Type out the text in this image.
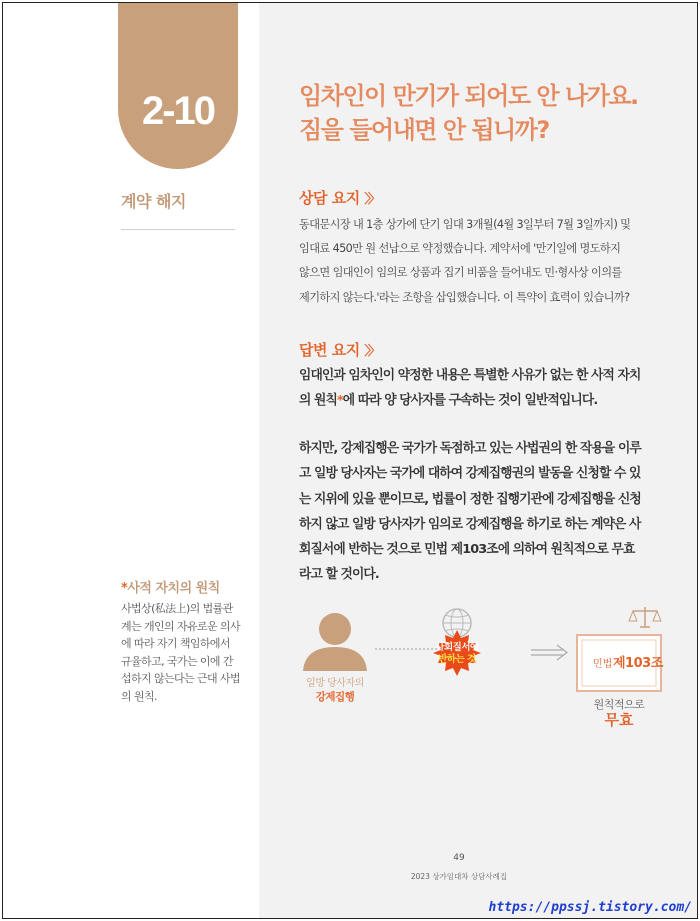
2-10
계약 해지
*사적 자치의 원칙
사법상(私法上)의 법률관
계는 개인의 자유로운 의사
에 따라 자기 책임하에서
규율하고, 국가는 이에 간
섭하지 않는다는 근대 사법
의 원칙.
임차인이 만기가 되어도 안 나가요.
짐을 들어내면 안 됩니까?
상담 요지 〉〉
동대문시장 내 1층 상가에 단기 임대 3개월(4월 3일부터 7월 3일까지) 및
임대료 450만 원 선납으로 약정했습니다. 계약서에 '만기일에 명도하지
않으면 임대인이 임의로 상품과 집기 비품을 들어내도 민·형사상 이의를
제기하지 않는다.'라는 조항을 삽입했습니다. 이 특약이 효력이 있습니까?
답변 요지 〉〉
임대인과 임차인이 약정한 내용은 특별한 사유가 없는 한 사적 자치
의 원칙*에 따라 양 당사자를 구속하는 것이 일반적입니다.
하지만, 강제집행은 국가가 독점하고 있는 사법권의 한 작용을 이루
고 일방 당사자는 국가에 대하여 강제집행권의 발동을 신청할 수 있
는 지위에 있을 뿐이므로, 법률이 정한 집행기관에 강제집행을 신청
하지 않고 일방 당사자가 임의로 강제집행을 하기로 하는 계약은 사
회질서에 반하는 것으로 민법 제103조에 의하여 원칙적으로 무효
라고 할 것이다.
일방 당사자의
강제집행
사회질서에
반하는 것	민법 제103조
원칙적으로
무효
49
2023 상가임대차 상담사례집
https://ppssj.tistory.com/
